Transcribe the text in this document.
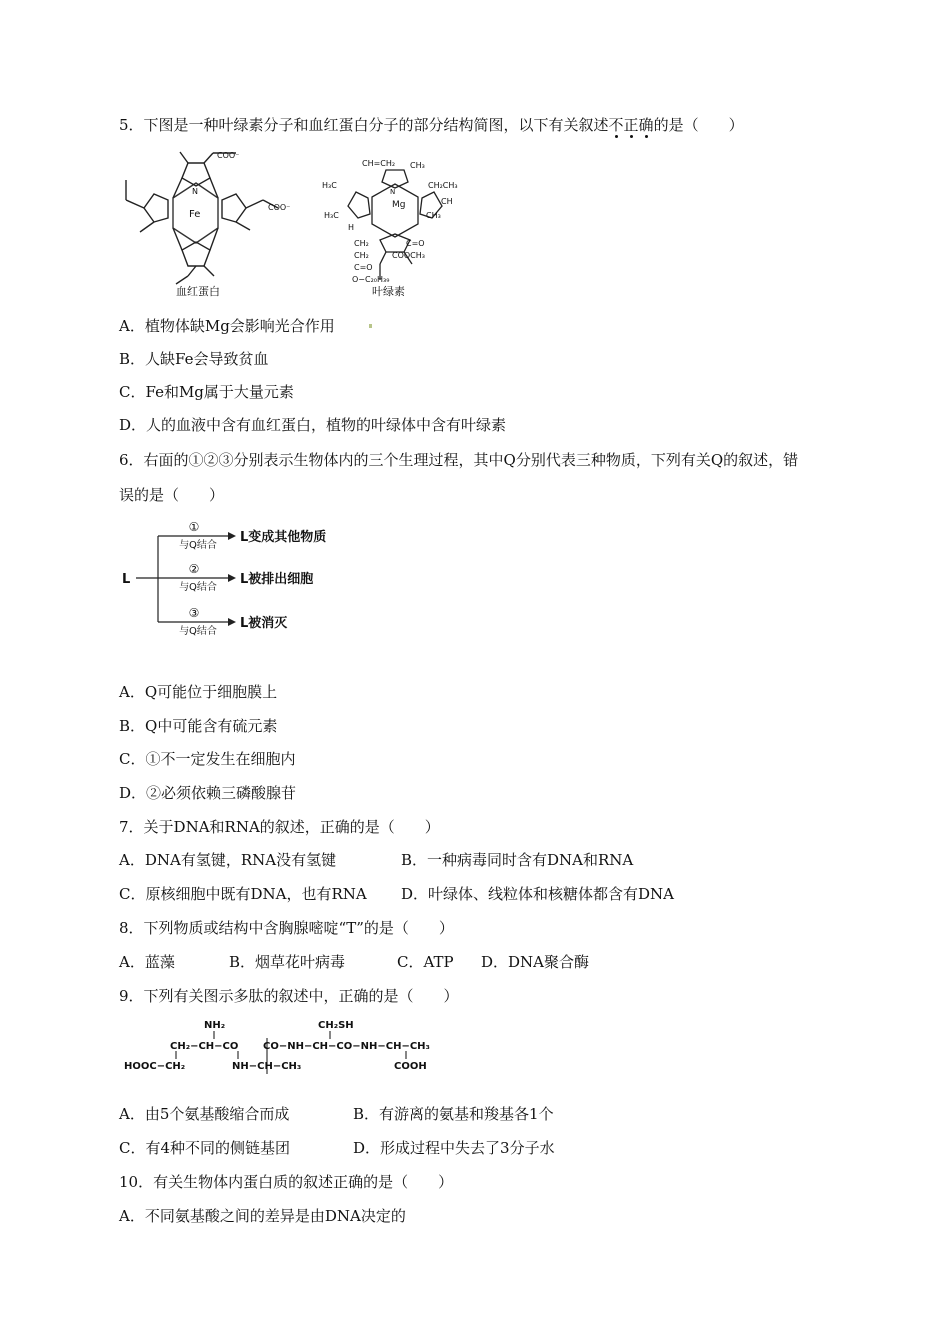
5．下图是一种叶绿素分子和血红蛋白分子的部分结构简图，以下有关叙述不正确
的是（　　）
COO⁻
COO⁻
Fe
N
血红蛋白
CH=CH₂ CH₃
H₃C	CH₂CH₃
CH
Mg
N
H₃C	CH₃
H
CH₂
CH₂
C=O
COOCH₃
C=O
O−C₂₀H₃₉
叶绿素
A．植物体缺Mg会影响光合作用
B．人缺Fe会导致贫血
C．Fe和Mg属于大量元素
D．人的血液中含有血红蛋白，植物的叶绿体中含有叶绿素
6．右面的①②③分别表示生物体内的三个生理过程，其中Q分别代表三种物质，下列有关Q的叙述，错
误的是（　　）
L
①
与Q结合
L变成其他物质
②
与Q结合
L被排出细胞
③
与Q结合
L被消灭
A．Q可能位于细胞膜上
B．Q中可能含有硫元素
C．①不一定发生在细胞内
D．②必须依赖三磷酸腺苷
7．关于DNA和RNA的叙述，正确的是（　　）
A．DNA有氢键，RNA没有氢键	B．一种病毒同时含有DNA和RNA
C．原核细胞中既有DNA，也有RNA D．叶绿体、线粒体和核糖体都含有DNA
8．下列物质或结构中含胸腺嘧啶“T”的是（　　）
A．蓝藻	B．烟草花叶病毒	C．ATP D．DNA聚合酶
9．下列有关图示多肽的叙述中，正确的是（　　）
NH₂	CH₂SH
CH₂−CH−CO CO−NH−CH−CO−NH−CH−CH₃
HOOC−CH₂	NH−CH−CH₃	COOH
A．由5个氨基酸缩合而成	B．有游离的氨基和羧基各1个
C．有4种不同的侧链基团	D．形成过程中失去了3分子水
10．有关生物体内蛋白质的叙述正确的是（　　）
A．不同氨基酸之间的差异是由DNA决定的
